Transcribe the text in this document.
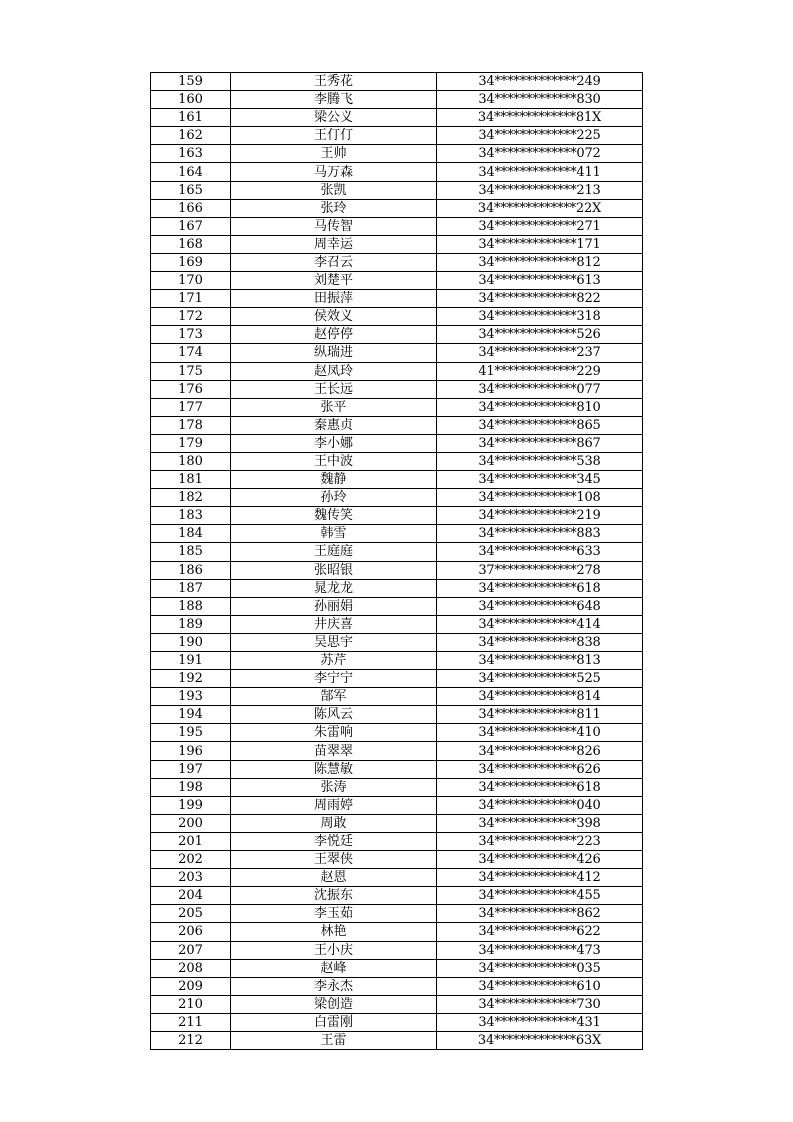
159	王秀花	34*************249
160	李腾飞	34*************830
161	梁公义	34*************81X
162	王仃仃	34*************225
163	王帅	34*************072
164	马万森	34*************411
165	张凯	34*************213
166	张玲	34*************22X
167	马传智	34*************271
168	周幸运	34*************171
169	李召云	34*************812
170	刘楚平	34*************613
171	田振萍	34*************822
172	侯效义	34*************318
173	赵停停	34*************526
174	纵瑞进	34*************237
175	赵凤玲	41*************229
176	王长远	34*************077
177	张平	34*************810
178	秦惠贞	34*************865
179	李小娜	34*************867
180	王中波	34*************538
181	魏静	34*************345
182	孙玲	34*************108
183	魏传笑	34*************219
184	韩雪	34*************883
185	王庭庭	34*************633
186	张昭银	37*************278
187	晁龙龙	34*************618
188	孙丽娟	34*************648
189	井庆喜	34*************414
190	吴思宇	34*************838
191	苏芹	34*************813
192	李宁宁	34*************525
193	郜军	34*************814
194	陈风云	34*************811
195	朱雷响	34*************410
196	苗翠翠	34*************826
197	陈慧敏	34*************626
198	张涛	34*************618
199	周雨婷	34*************040
200	周敢	34*************398
201	李悦廷	34*************223
202	王翠侠	34*************426
203	赵恩	34*************412
204	沈振东	34*************455
205	李玉茹	34*************862
206	林艳	34*************622
207	王小庆	34*************473
208	赵峰	34*************035
209	李永杰	34*************610
210	梁创造	34*************730
211	白雷刚	34*************431
212	王雷	34*************63X
